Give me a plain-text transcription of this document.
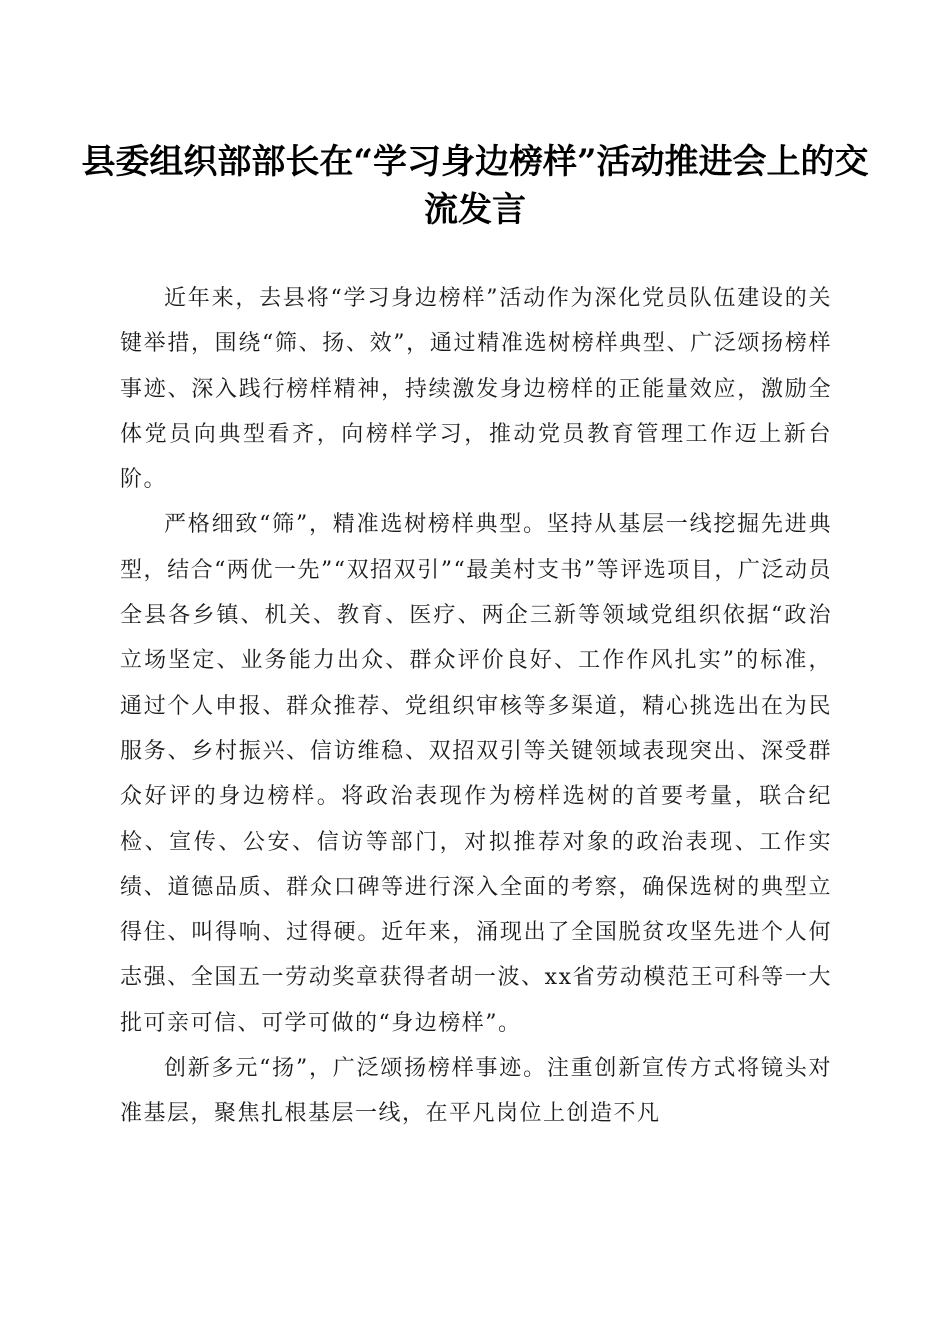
县委组织部部长在“学习身边榜样”活动推进会上的交流发言

近年来，去县将“学习身边榜样”活动作为深化党员队伍建设的关键举措，围绕“筛、扬、效”，通过精准选树榜样典型、广泛颂扬榜样事迹、深入践行榜样精神，持续激发身边榜样的正能量效应，激励全体党员向典型看齐，向榜样学习，推动党员教育管理工作迈上新台阶。

严格细致“筛”，精准选树榜样典型。坚持从基层一线挖掘先进典型，结合“两优一先”“双招双引”“最美村支书”等评选项目，广泛动员全县各乡镇、机关、教育、医疗、两企三新等领域党组织依据“政治立场坚定、业务能力出众、群众评价良好、工作作风扎实”的标准，通过个人申报、群众推荐、党组织审核等多渠道，精心挑选出在为民服务、乡村振兴、信访维稳、双招双引等关键领域表现突出、深受群众好评的身边榜样。将政治表现作为榜样选树的首要考量，联合纪检、宣传、公安、信访等部门，对拟推荐对象的政治表现、工作实绩、道德品质、群众口碑等进行深入全面的考察，确保选树的典型立得住、叫得响、过得硬。近年来，涌现出了全国脱贫攻坚先进个人何志强、全国五一劳动奖章获得者胡一波、xx省劳动模范王可科等一大批可亲可信、可学可做的“身边榜样”。

创新多元“扬”，广泛颂扬榜样事迹。注重创新宣传方式将镜头对准基层，聚焦扎根基层一线，在平凡岗位上创造不凡
